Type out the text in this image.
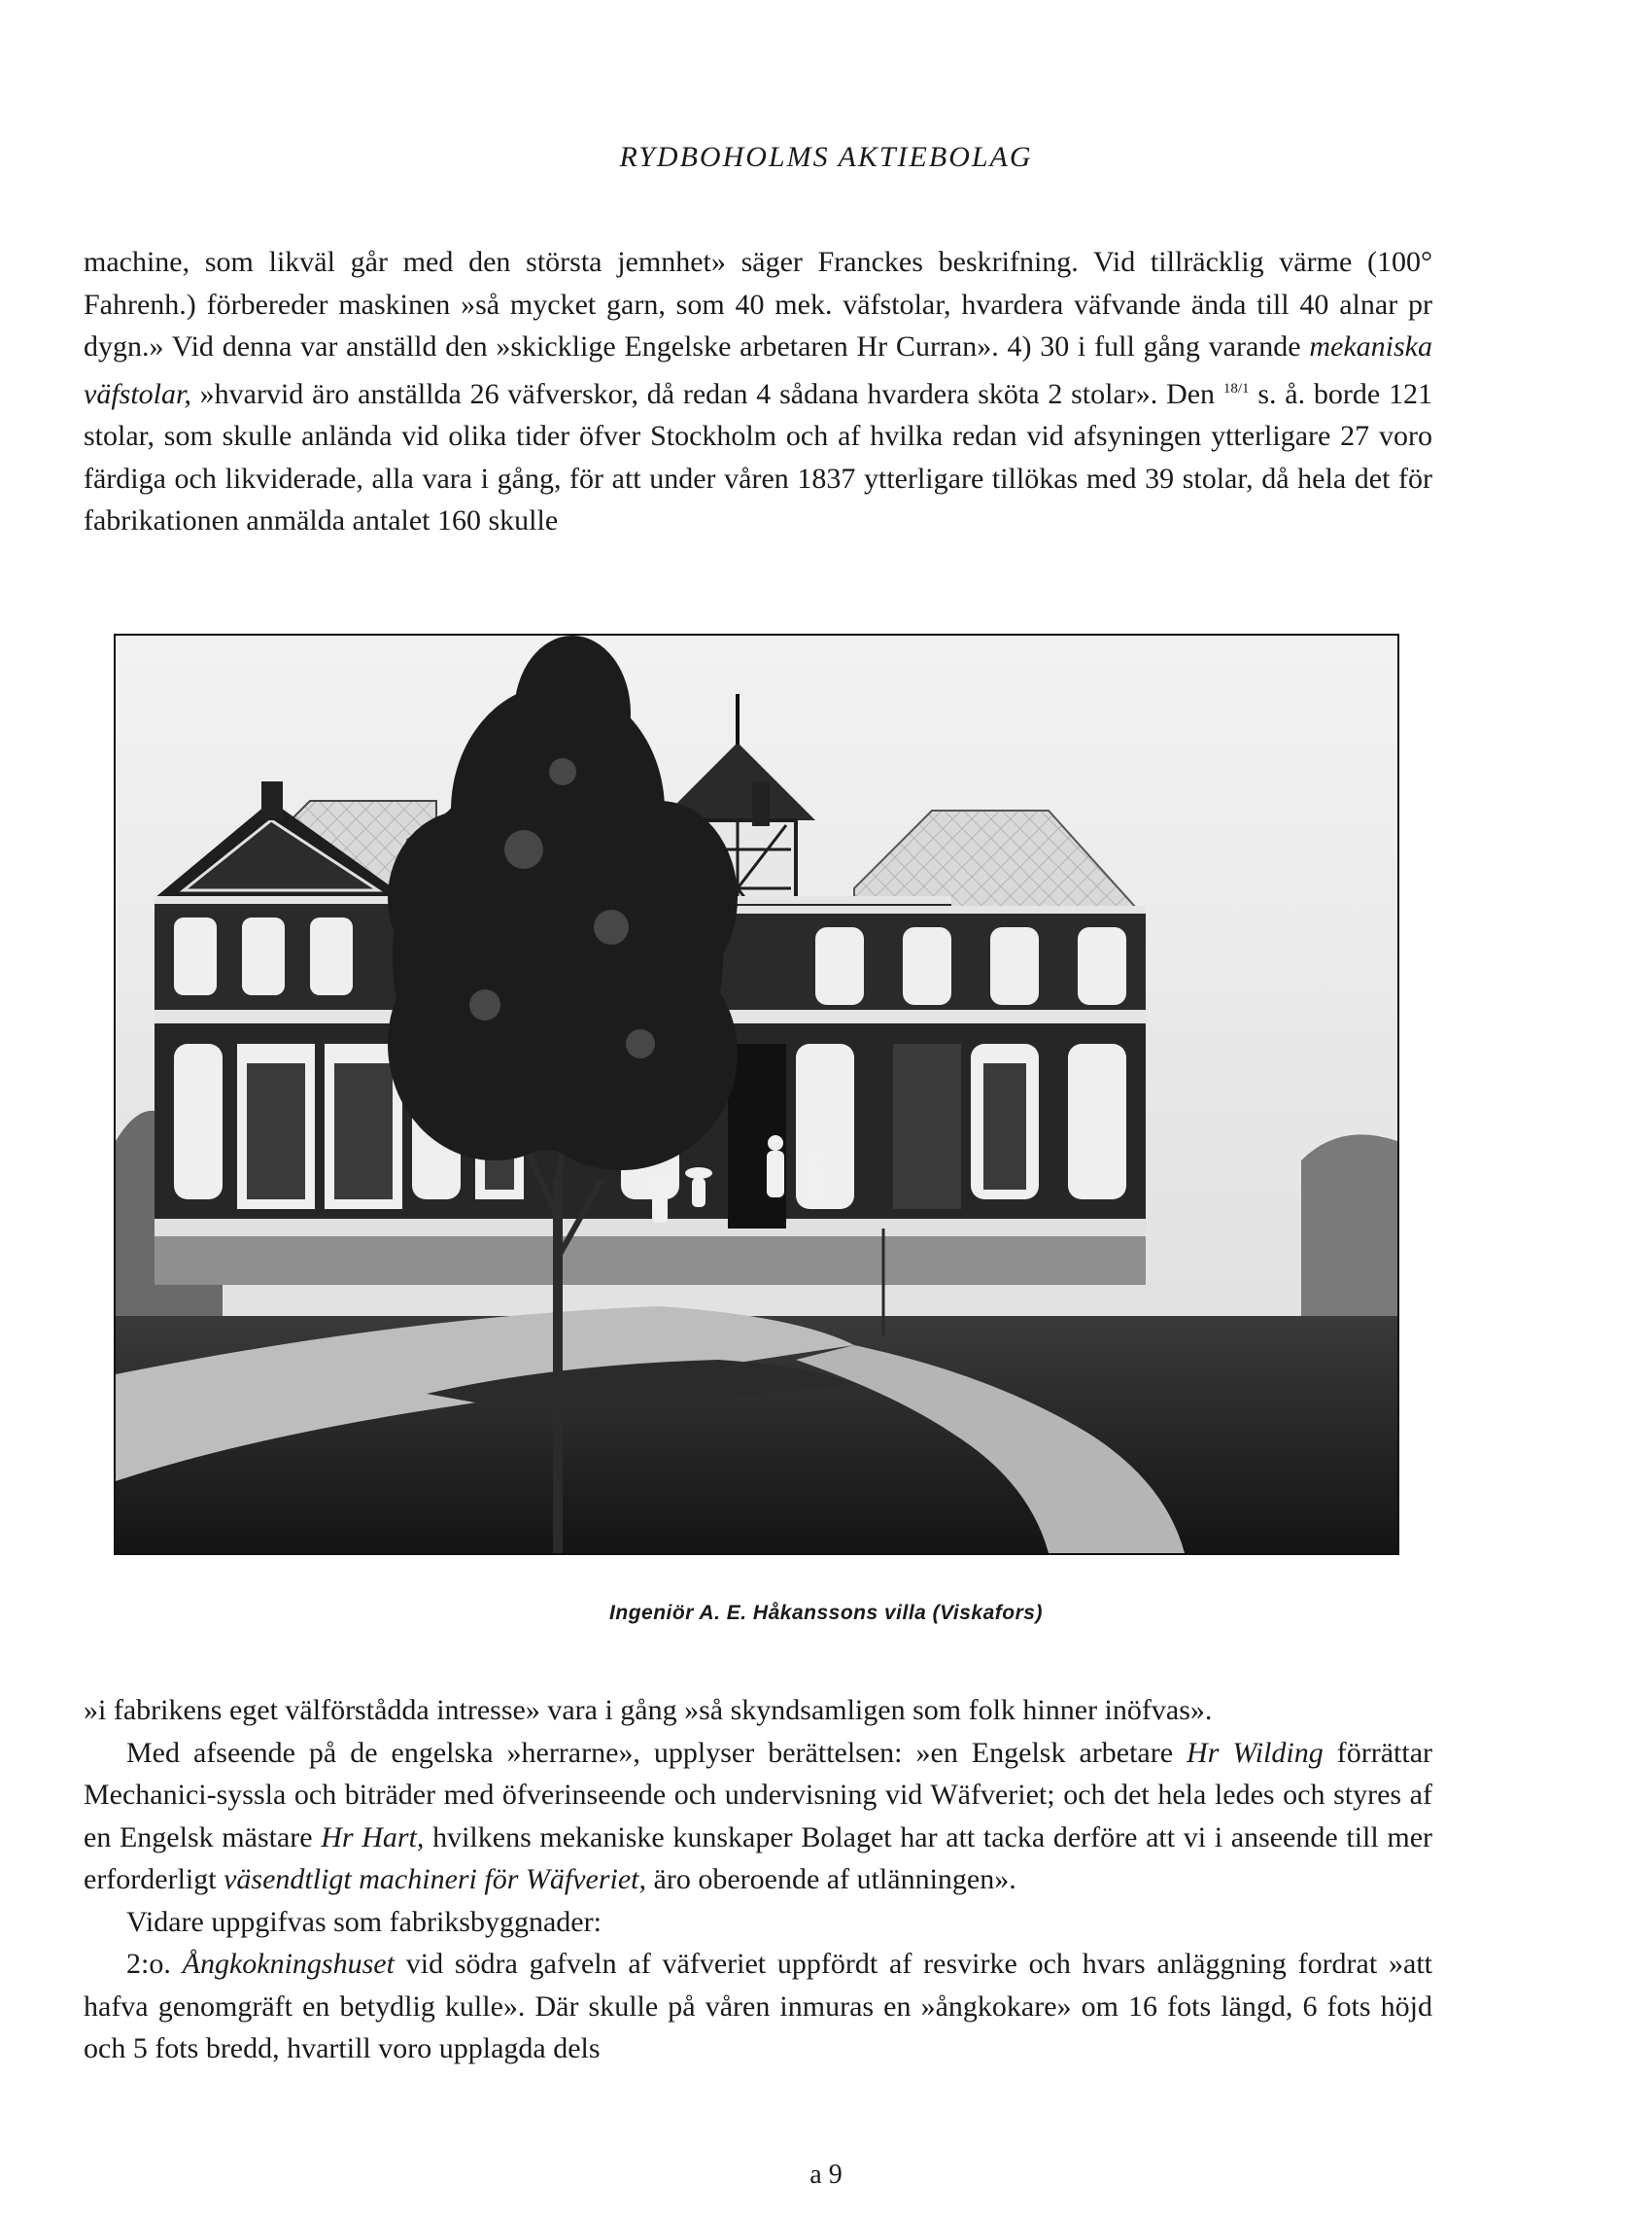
RYDBOHOLMS AKTIEBOLAG

machine, som likväl går med den största jemnhet» säger Franckes beskrifning. Vid tillräcklig värme (100° Fahrenh.) förbereder maskinen »så mycket garn, som 40 mek. väfstolar, hvardera väfvande ända till 40 alnar pr dygn.» Vid denna var anställd den »skicklige Engelske arbetaren Hr Curran». 4) 30 i full gång varande mekaniska väfstolar, »hvarvid äro anställda 26 väfverskor, då redan 4 sådana hvardera sköta 2 stolar». Den $^{18/1}$ s. å. borde 121 stolar, som skulle anlända vid olika tider öfver Stockholm och af hvilka redan vid afsyningen ytterligare 27 voro färdiga och likviderade, alla vara i gång, för att under våren 1837 ytterligare tillökas med 39 stolar, då hela det för fabrikationen anmälda antalet 160 skulle

Ingeniör A. E. Håkanssons villa (Viskafors)

»i fabrikens eget välförstådda intresse» vara i gång »så skyndsamligen som folk hinner inöfvas».

Med afseende på de engelska »herrarne», upplyser berättelsen: »en Engelsk arbetare Hr Wilding förrättar Mechanici-syssla och biträder med öfverinseende och undervisning vid Wäfveriet; och det hela ledes och styres af en Engelsk mästare Hr Hart, hvilkens mekaniske kunskaper Bolaget har att tacka derföre att vi i anseende till mer erforderligt väsendtligt machineri för Wäfveriet, äro oberoende af utlänningen».

Vidare uppgifvas som fabriksbyggnader:

2:o. Ångkokningshuset vid södra gafveln af väfveriet uppfördt af resvirke och hvars anläggning fordrat »att hafva genomgräft en betydlig kulle». Där skulle på våren inmuras en »ångkokare» om 16 fots längd, 6 fots höjd och 5 fots bredd, hvartill voro upplagda dels

a 9
